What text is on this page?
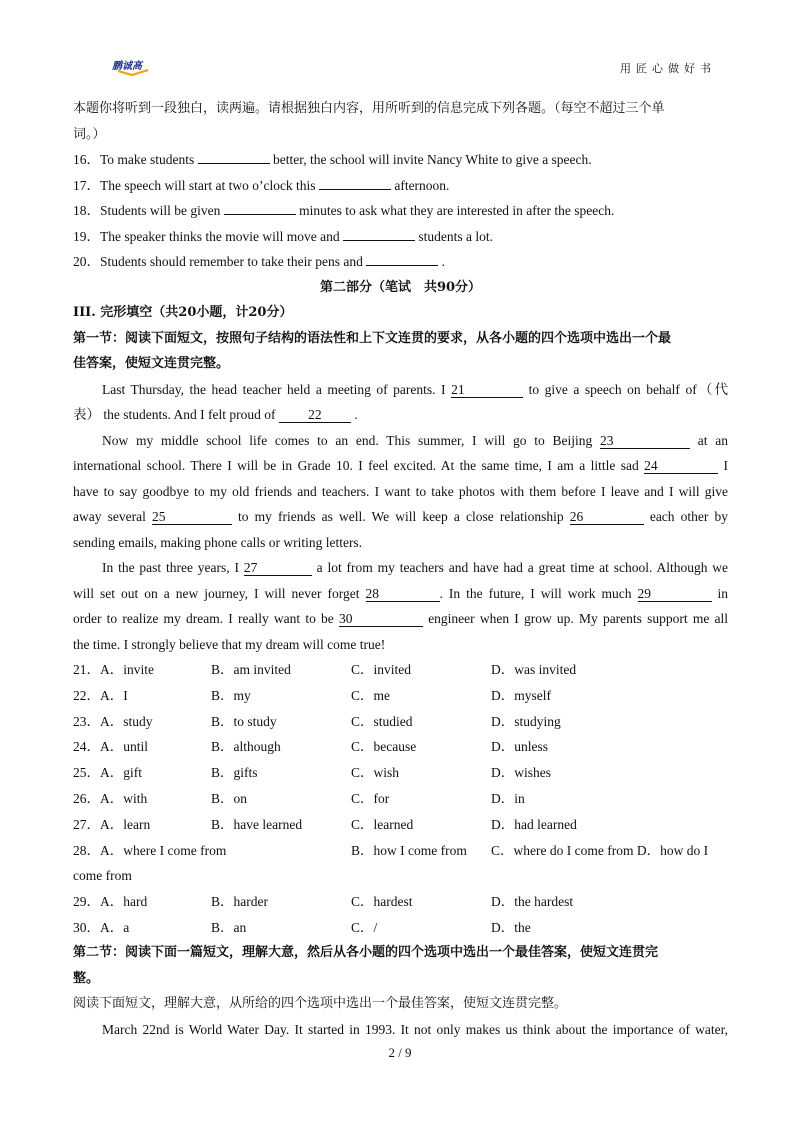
鹏诚高	用匠心做好书
本题你将听到一段独白，读两遍。请根据独白内容，用所听到的信息完成下列各题。（每空不超过三个单
词。）
16．To make students	better, the school will invite Nancy White to give a speech.
17．The speech will start at two o’clock this	afternoon.
18．Students will be given	minutes to ask what they are interested in after the speech.
19．The speaker thinks the movie will move and	students a lot.
20．Students should remember to take their pens and	.
第二部分（笔试　共90分）
III. 完形填空（共20小题，计20分）
第一节：阅读下面短文，按照句子结构的语法性和上下文连贯的要求，从各小题的四个选项中选出一个最
佳答案，使短文连贯完整。
Last Thursday, the head teacher held a meeting of parents. I 21	to give a speech on behalf of（代
表） the students. And I felt proud of 22 .
Now my middle school life comes to an end. This summer, I will go to Beijing 23	at an
international school. There I will be in Grade 10. I feel excited. At the same time, I am a little sad 24	I
have to say goodbye to my old friends and teachers. I want to take photos with them before I leave and I will give
away several 25	to my friends as well. We will keep a close relationship 26	each other by
sending emails, making phone calls or writing letters.
In the past three years, I 27	a lot from my teachers and have had a great time at school. Although we
will set out on a new journey, I will never forget 28	. In the future, I will work much 29	in
order to realize my dream. I really want to be 30	engineer when I grow up. My parents support me all
the time. I strongly believe that my dream will come true!
21．A．invite	B．am invited	C．invited	D．was invited
22．A．I	B．my	C．me	D．myself
23．A．study	B．to study	C．studied	D．studying
24．A．until	B．although	C．because	D．unless
25．A．gift	B．gifts	C．wish	D．wishes
26．A．with	B．on	C．for	D．in
27．A．learn	B．have learned	C．learned	D．had learned
28．A．where I come from	B．how I come from	C．where do I come from D．how do I
come from
29．A．hard	B．harder	C．hardest	D．the hardest
30．A．a	B．an	C．/	D．the
第二节：阅读下面一篇短文，理解大意，然后从各小题的四个选项中选出一个最佳答案，使短文连贯完
整。
阅读下面短文，理解大意，从所给的四个选项中选出一个最佳答案，使短文连贯完整。
March 22nd is World Water Day. It started in 1993. It not only makes us think about the importance of water,
2 / 9
